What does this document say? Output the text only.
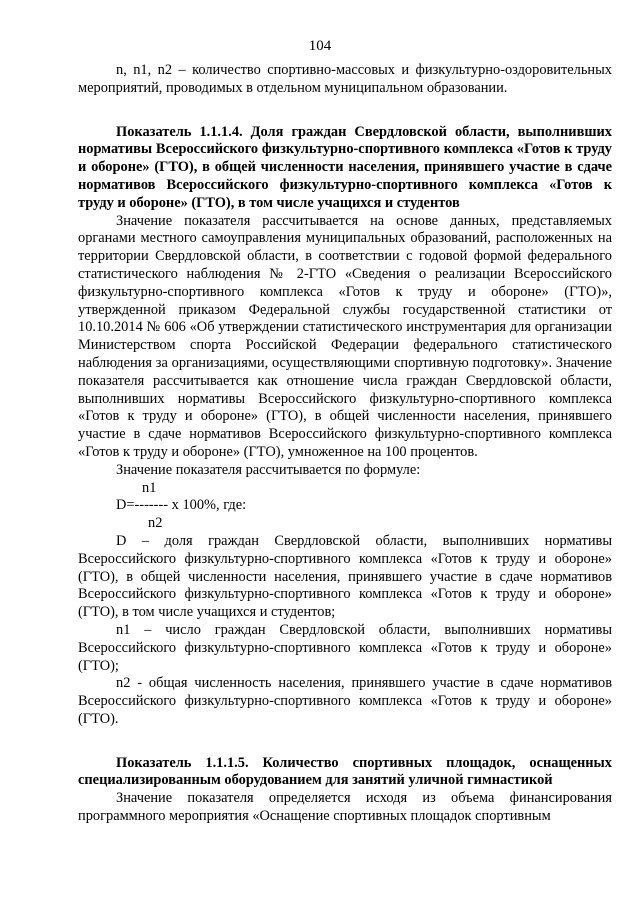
104

n, n1, n2 – количество спортивно-массовых и физкультурно-оздоровительных мероприятий, проводимых в отдельном муниципальном образовании.

Показатель 1.1.1.4. Доля граждан Свердловской области, выполнивших нормативы Всероссийского физкультурно-спортивного комплекса «Готов к труду и обороне» (ГТО), в общей численности населения, принявшего участие в сдаче нормативов Всероссийского физкультурно-спортивного комплекса «Готов к труду и обороне» (ГТО), в том числе учащихся и студентов

Значение показателя рассчитывается на основе данных, представляемых органами местного самоуправления муниципальных образований, расположенных на территории Свердловской области, в соответствии с годовой формой федерального статистического наблюдения № 2-ГТО «Сведения о реализации Всероссийского физкультурно-спортивного комплекса «Готов к труду и обороне» (ГТО)», утвержденной приказом Федеральной службы государственной статистики от 10.10.2014 № 606 «Об утверждении статистического инструментария для организации Министерством спорта Российской Федерации федерального статистического наблюдения за организациями, осуществляющими спортивную подготовку». Значение показателя рассчитывается как отношение числа граждан Свердловской области, выполнивших нормативы Всероссийского физкультурно-спортивного комплекса «Готов к труду и обороне» (ГТО), в общей численности населения, принявшего участие в сдаче нормативов Всероссийского физкультурно-спортивного комплекса «Готов к труду и обороне» (ГТО), умноженное на 100 процентов.

Значение показателя рассчитывается по формуле:

n1
D=------- х 100%, где:
n2

D – доля граждан Свердловской области, выполнивших нормативы Всероссийского физкультурно-спортивного комплекса «Готов к труду и обороне» (ГТО), в общей численности населения, принявшего участие в сдаче нормативов Всероссийского физкультурно-спортивного комплекса «Готов к труду и обороне» (ГТО), в том числе учащихся и студентов;

n1 – число граждан Свердловской области, выполнивших нормативы Всероссийского физкультурно-спортивного комплекса «Готов к труду и обороне» (ГТО);

n2 - общая численность населения, принявшего участие в сдаче нормативов Всероссийского физкультурно-спортивного комплекса «Готов к труду и обороне» (ГТО).

Показатель 1.1.1.5. Количество спортивных площадок, оснащенных специализированным оборудованием для занятий уличной гимнастикой

Значение показателя определяется исходя из объема финансирования программного мероприятия «Оснащение спортивных площадок спортивным
